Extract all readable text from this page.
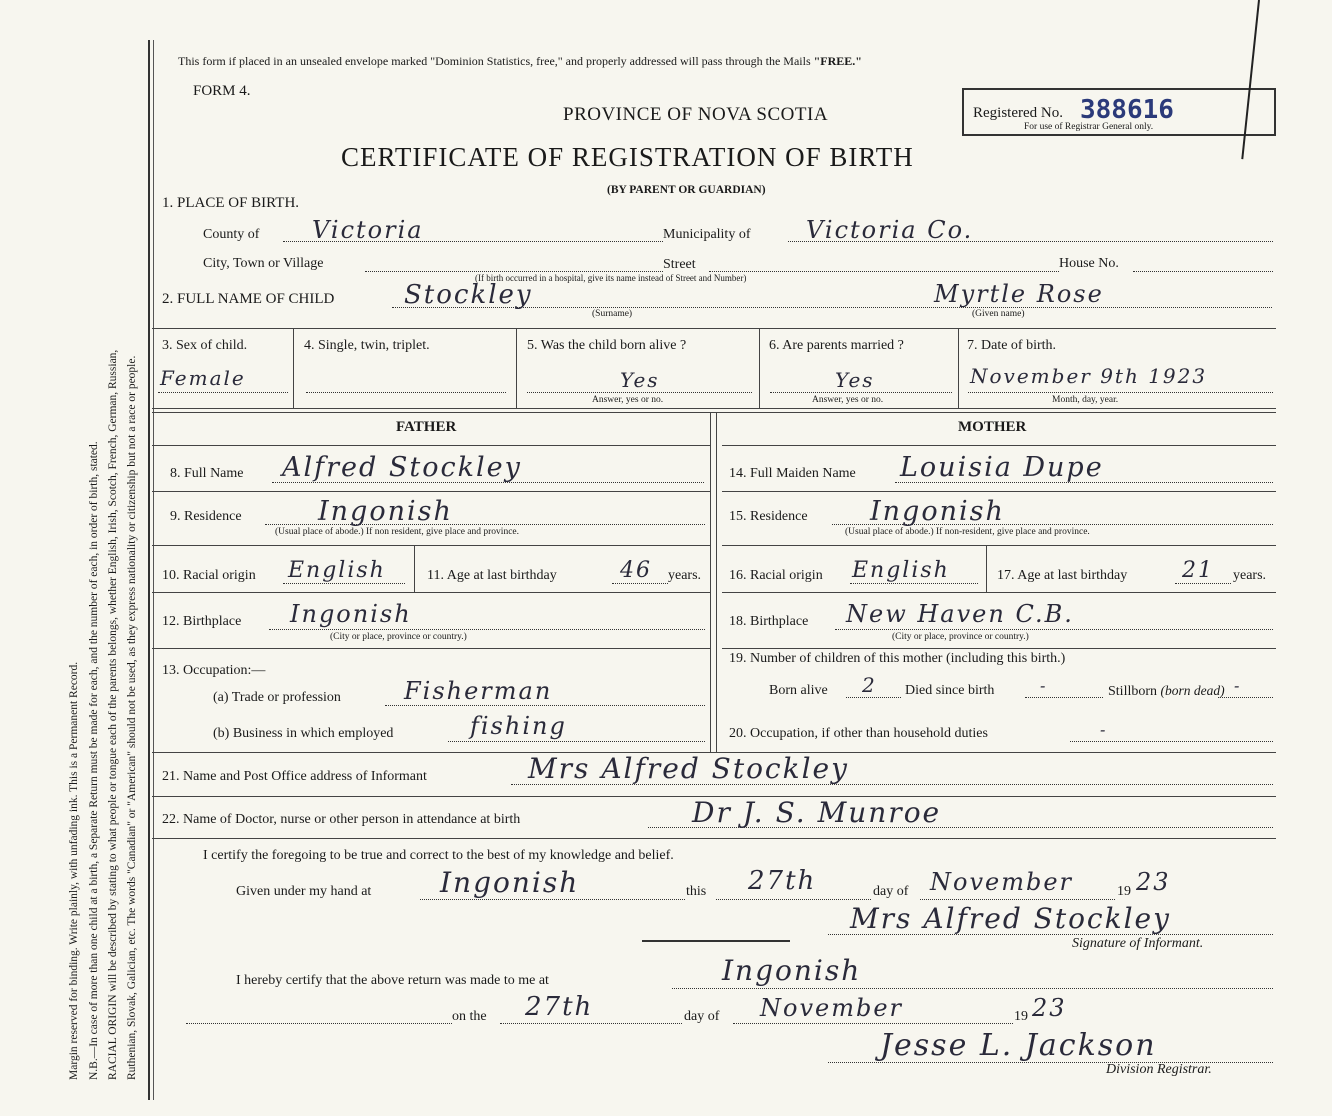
Margin reserved for binding. Write plainly, with unfading ink. This is a Permanent Record. N.B.—In case of more than one child at a birth, a Separate Return must be made for each, and the number of each, in order of birth, stated. RACIAL ORIGIN will be described by stating to what people or tongue each of the parents belongs, whether English, Irish, Scotch, French, German, Russian, Ruthenian, Slovak, Galician, etc. The words "Canadian" or "American" should not be used, as they express nationality or citizenship but not a race or people.
This form if placed in an unsealed envelope marked "Dominion Statistics, free," and properly addressed will pass through the Mails "FREE."
FORM 4.
PROVINCE OF NOVA SCOTIA	Registered No. 388616
For use of Registrar General only.
CERTIFICATE OF REGISTRATION OF BIRTH
(BY PARENT OR GUARDIAN)
1. PLACE OF BIRTH.
County of Victoria	Municipality of Victoria Co.
City, Town or Village	Street	House No.
(If birth occurred in a hospital, give its name instead of Street and Number)
2. FULL NAME OF CHILD	Stockley
(Surname)
Myrtle Rose
(Given name)
3. Sex of child.
Female
4. Single, twin, triplet.	5. Was the child born alive ?
Yes
Answer, yes or no.
6. Are parents married ?
Yes
Answer, yes or no.
7. Date of birth.
November 9th 1923
Month, day, year.
FATHER	MOTHER
8. Full Name Alfred Stockley
9. Residence	Ingonish
(Usual place of abode.) If non resident, give place and province.
10. Racial origin English	11. Age at last birthday	46 years.
12. Birthplace Ingonish
(City or place, province or country.)
13. Occupation:—
(a) Trade or profession	Fisherman
(b) Business in which employed	fishing
14. Full Maiden Name Louisia Dupe
15. Residence Ingonish
(Usual place of abode.) If non-resident, give place and province.
16. Racial origin English	17. Age at last birthday 21 years.
18. Birthplace New Haven C.B.
(City or place, province or country.)
19. Number of children of this mother (including this birth.)
Born alive 2 Died since birth	-	Stillborn (born dead) -
20. Occupation, if other than household duties	-
21. Name and Post Office address of Informant	Mrs Alfred Stockley
22. Name of Doctor, nurse or other person in attendance at birth	Dr J. S. Munroe
I certify the foregoing to be true and correct to the best of my knowledge and belief.
Given under my hand at Ingonish	this 27th	day of November	19 23
Mrs Alfred Stockley
Signature of Informant.
I hereby certify that the above return was made to me at	Ingonish
on the 27th	day of November	19 23
Jesse L. Jackson
Division Registrar.
